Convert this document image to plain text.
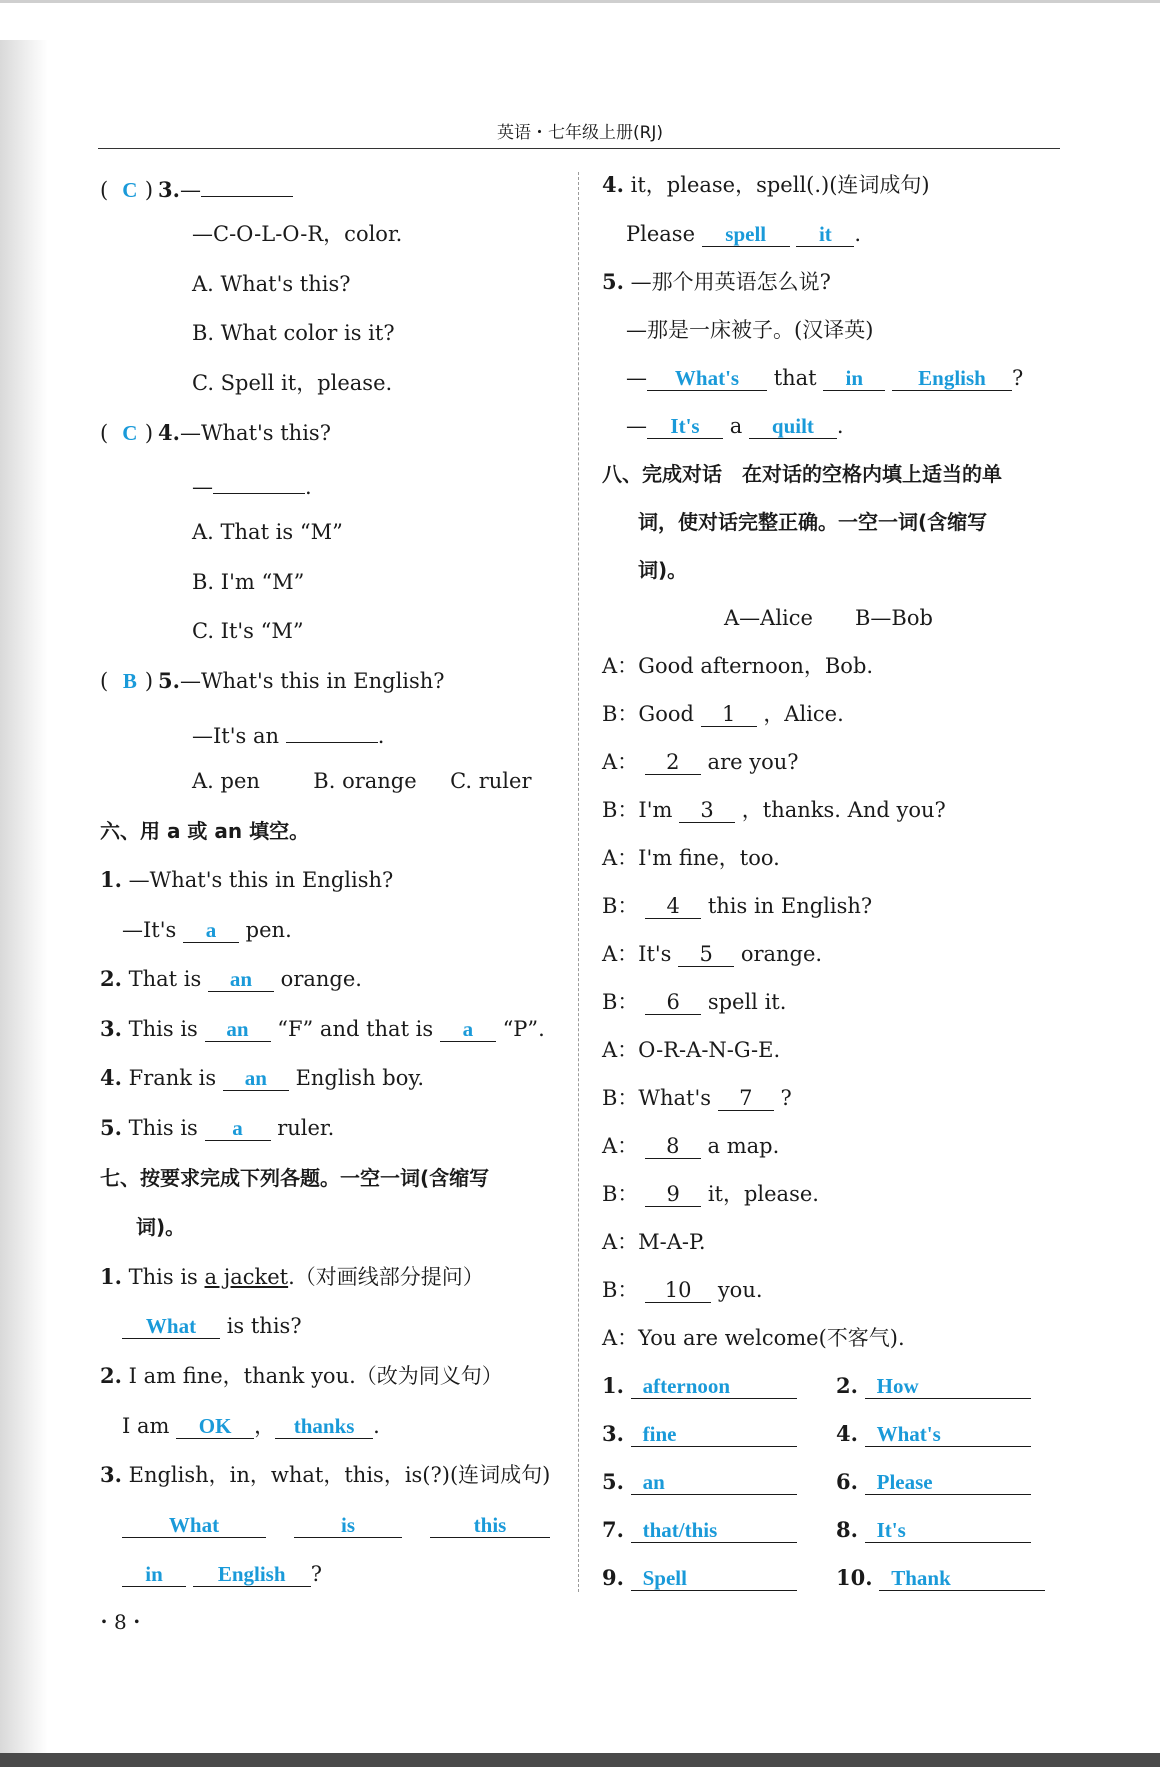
英语・七年级上册(RJ)
( C ) 3.—
—C-O-L-O-R，color.
A. What's this?
B. What color is it?
C. Spell it，please.
( C ) 4.—What's this?
—	.
A. That is “M”
B. I'm “M”
C. It's “M”
( B ) 5.—What's this in English?
—It's an	.
A. pen	B. orange C. ruler
六、用 a 或 an 填空。
1. —What's this in English?
—It's a pen.
2. That is an orange.
3. This is an “F” and that is a “P”.
4. Frank is an English boy.
5. This is a ruler.
七、按要求完成下列各题。一空一词(含缩写
词)。
1. This is a jacket.（对画线部分提问）
What is this?
2. I am fine，thank you.（改为同义句）
I am OK ， thanks .
3. English，in，what，this，is(?)(连词成句)
What	is	this
in	English ?
・8・
4. it，please，spell(.)(连词成句)
Please spell	it .
5. —那个用英语怎么说?
—那是一床被子。(汉译英)
— What's that in	English ?
— It's a quilt .
八、完成对话　在对话的空格内填上适当的单
词，使对话完整正确。一空一词(含缩写
词)。
A—Alice　　B—Bob
A：Good afternoon，Bob.
B：Good 1 ，Alice.
A： 2 are you?
B：I'm 3 ，thanks. And you?
A：I'm fine，too.
B： 4 this in English?
A：It's 5 orange.
B： 6 spell it.
A：O-R-A-N-G-E.
B：What's 7 ?
A： 8 a map.
B： 9 it，please.
A：M-A-P.
B： 10 you.
A：You are welcome(不客气).
1. afternoon	2. How
3. fine	4. What's
5. an	6. Please
7. that/this	8. It's
9. Spell	10. Thank
